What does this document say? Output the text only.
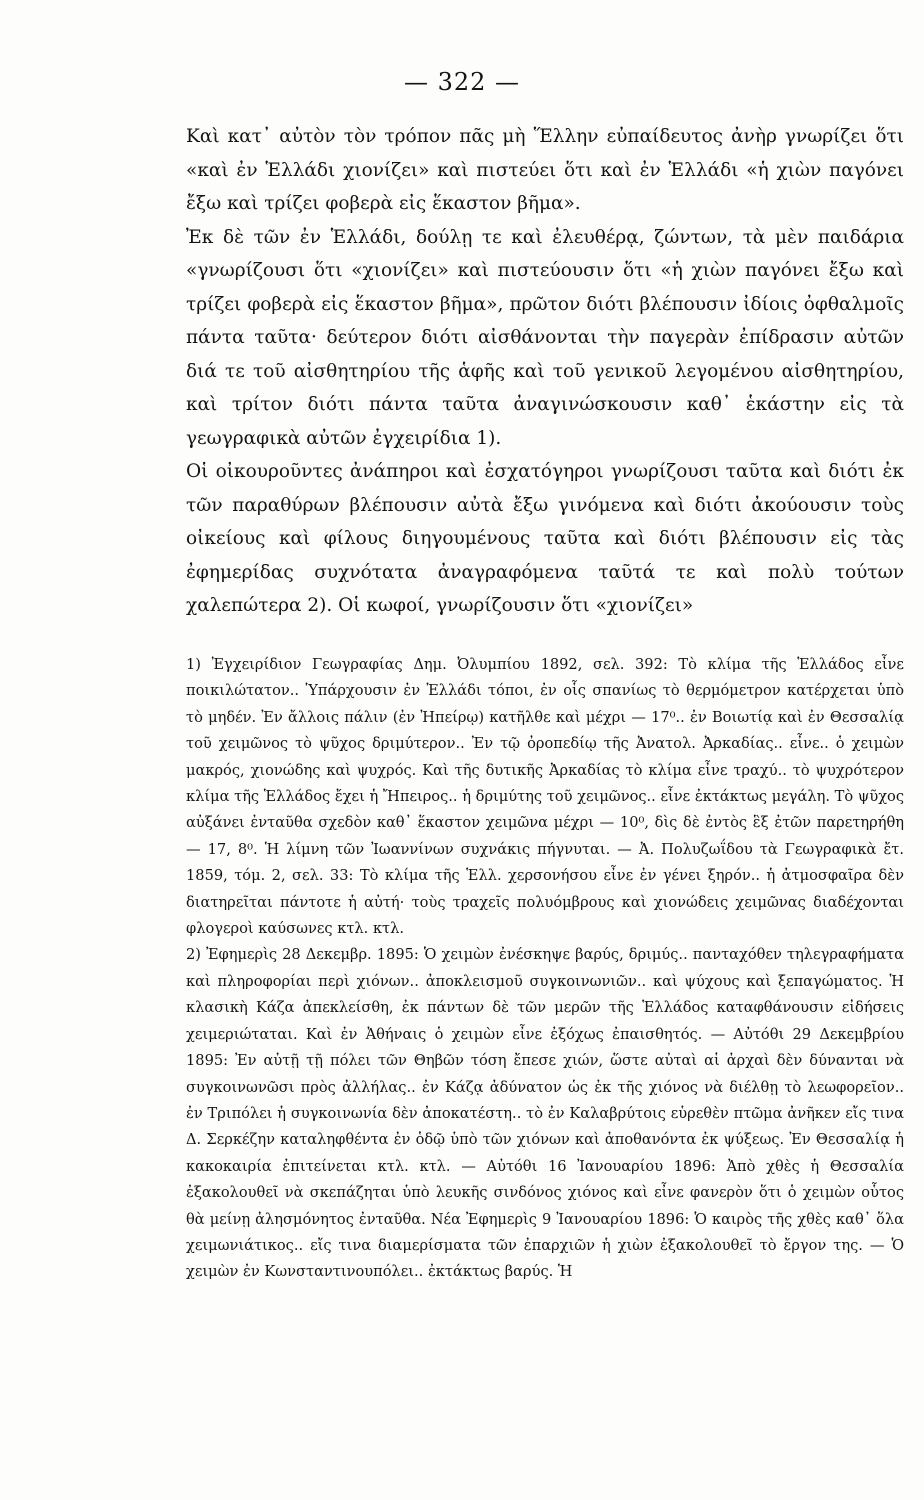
— 322 —

Καὶ κατ᾽ αὐτὸν τὸν τρόπον πᾶς μὴ Ἕλλην εὐπαίδευτος ἀνὴρ γνωρίζει ὅτι «καὶ ἐν Ἑλλάδι χιονίζει» καὶ πιστεύει ὅτι καὶ ἐν Ἑλλάδι «ἡ χιὼν παγόνει ἔξω καὶ τρίζει φοβερὰ εἰς ἕκαστον βῆμα».

Ἐκ δὲ τῶν ἐν Ἑλλάδι, δούλῃ τε καὶ ἐλευθέρᾳ, ζώντων, τὰ μὲν παιδάρια «γνωρίζουσι ὅτι «χιονίζει» καὶ πιστεύουσιν ὅτι «ἡ χιὼν παγόνει ἔξω καὶ τρίζει φοβερὰ εἰς ἕκαστον βῆμα», πρῶτον διότι βλέπουσιν ἰδίοις ὀφθαλμοῖς πάντα ταῦτα· δεύτερον διότι αἰσθάνονται τὴν παγερὰν ἐπίδρασιν αὐτῶν διά τε τοῦ αἰσθητηρίου τῆς ἁφῆς καὶ τοῦ γενικοῦ λεγομένου αἰσθητηρίου, καὶ τρίτον διότι πάντα ταῦτα ἀναγινώσκουσιν καθ᾽ ἑκάστην εἰς τὰ γεωγραφικὰ αὐτῶν ἐγχειρίδια 1).

Οἱ οἰκουροῦντες ἀνάπηροι καὶ ἐσχατόγηροι γνωρίζουσι ταῦτα καὶ διότι ἐκ τῶν παραθύρων βλέπουσιν αὐτὰ ἔξω γινόμενα καὶ διότι ἀκούουσιν τοὺς οἰκείους καὶ φίλους διηγουμένους ταῦτα καὶ διότι βλέπουσιν εἰς τὰς ἐφημερίδας συχνότατα ἀναγραφόμενα ταῦτά τε καὶ πολὺ τούτων χαλεπώτερα 2). Οἱ κωφοί, γνωρίζουσιν ὅτι «χιονίζει»

1) Ἐγχειρίδιον Γεωγραφίας Δημ. Ὀλυμπίου 1892, σελ. 392: Τὸ κλίμα τῆς Ἑλλάδος εἶνε ποικιλώτατον.. Ὑπάρχουσιν ἐν Ἑλλάδι τόποι, ἐν οἷς σπανίως τὸ θερμόμετρον κατέρχεται ὑπὸ τὸ μηδέν. Ἐν ἄλλοις πάλιν (ἐν Ἠπείρῳ) κατῆλθε καὶ μέχρι — 17⁰.. ἐν Βοιωτίᾳ καὶ ἐν Θεσσαλίᾳ τοῦ χειμῶνος τὸ ψῦχος δριμύτερον.. Ἐν τῷ ὀροπεδίῳ τῆς Ἀνατολ. Ἀρκαδίας.. εἶνε.. ὁ χειμὼν μακρός, χιονώδης καὶ ψυχρός. Καὶ τῆς δυτικῆς Ἀρκαδίας τὸ κλίμα εἶνε τραχύ.. τὸ ψυχρότερον κλίμα τῆς Ἑλλάδος ἔχει ἡ Ἤπειρος.. ἡ δριμύτης τοῦ χειμῶνος.. εἶνε ἐκτάκτως μεγάλη. Τὸ ψῦχος αὐξάνει ἐνταῦθα σχεδὸν καθ᾽ ἕκαστον χειμῶνα μέχρι — 10⁰, δὶς δὲ ἐντὸς ἓξ ἐτῶν παρετηρήθη — 17, 8⁰. Ἡ λίμνη τῶν Ἰωαννίνων συχνάκις πήγνυται. — Ἀ. Πολυζωΐδου τὰ Γεωγραφικὰ ἔτ. 1859, τόμ. 2, σελ. 33: Τὸ κλίμα τῆς Ἑλλ. χερσονήσου εἶνε ἐν γένει ξηρόν.. ἡ ἀτμοσφαῖρα δὲν διατηρεῖται πάντοτε ἡ αὐτή· τοὺς τραχεῖς πολυόμβρους καὶ χιονώδεις χειμῶνας διαδέχονται φλογεροὶ καύσωνες κτλ. κτλ.

2) Ἐφημερὶς 28 Δεκεμβρ. 1895: Ὁ χειμὼν ἐνέσκηψε βαρύς, δριμύς.. πανταχόθεν τηλεγραφήματα καὶ πληροφορίαι περὶ χιόνων.. ἀποκλεισμοῦ συγκοινωνιῶν.. καὶ ψύχους καὶ ξεπαγώματος. Ἡ κλασικὴ Κάζα ἀπεκλείσθη, ἐκ πάντων δὲ τῶν μερῶν τῆς Ἑλλάδος καταφθάνουσιν εἰδήσεις χειμεριώταται. Καὶ ἐν Ἀθήναις ὁ χειμὼν εἶνε ἐξόχως ἐπαισθητός. — Αὐτόθι 29 Δεκεμβρίου 1895: Ἐν αὐτῇ τῇ πόλει τῶν Θηβῶν τόση ἔπεσε χιών, ὥστε αὐταὶ αἱ ἀρχαὶ δὲν δύνανται νὰ συγκοινωνῶσι πρὸς ἀλλήλας.. ἐν Κάζᾳ ἀδύνατον ὡς ἐκ τῆς χιόνος νὰ διέλθῃ τὸ λεωφορεῖον.. ἐν Τριπόλει ἡ συγκοινωνία δὲν ἀποκατέστη.. τὸ ἐν Καλαβρύτοις εὑρεθὲν πτῶμα ἀνῆκεν εἴς τινα Δ. Σερκέζην καταληφθέντα ἐν ὁδῷ ὑπὸ τῶν χιόνων καὶ ἀποθανόντα ἐκ ψύξεως. Ἐν Θεσσαλίᾳ ἡ κακοκαιρία ἐπιτείνεται κτλ. κτλ. — Αὐτόθι 16 Ἰανουαρίου 1896: Ἀπὸ χθὲς ἡ Θεσσαλία ἐξακολουθεῖ νὰ σκεπάζηται ὑπὸ λευκῆς σινδόνος χιόνος καὶ εἶνε φανερὸν ὅτι ὁ χειμὼν οὗτος θὰ μείνῃ ἀλησμόνητος ἐνταῦθα. Νέα Ἐφημερὶς 9 Ἰανουαρίου 1896: Ὁ καιρὸς τῆς χθὲς καθ᾽ ὅλα χειμωνιάτικος.. εἴς τινα διαμερίσματα τῶν ἐπαρχιῶν ἡ χιὼν ἐξακολουθεῖ τὸ ἔργον της. — Ὁ χειμὼν ἐν Κωνσταντινουπόλει.. ἐκτάκτως βαρύς. Ἡ
